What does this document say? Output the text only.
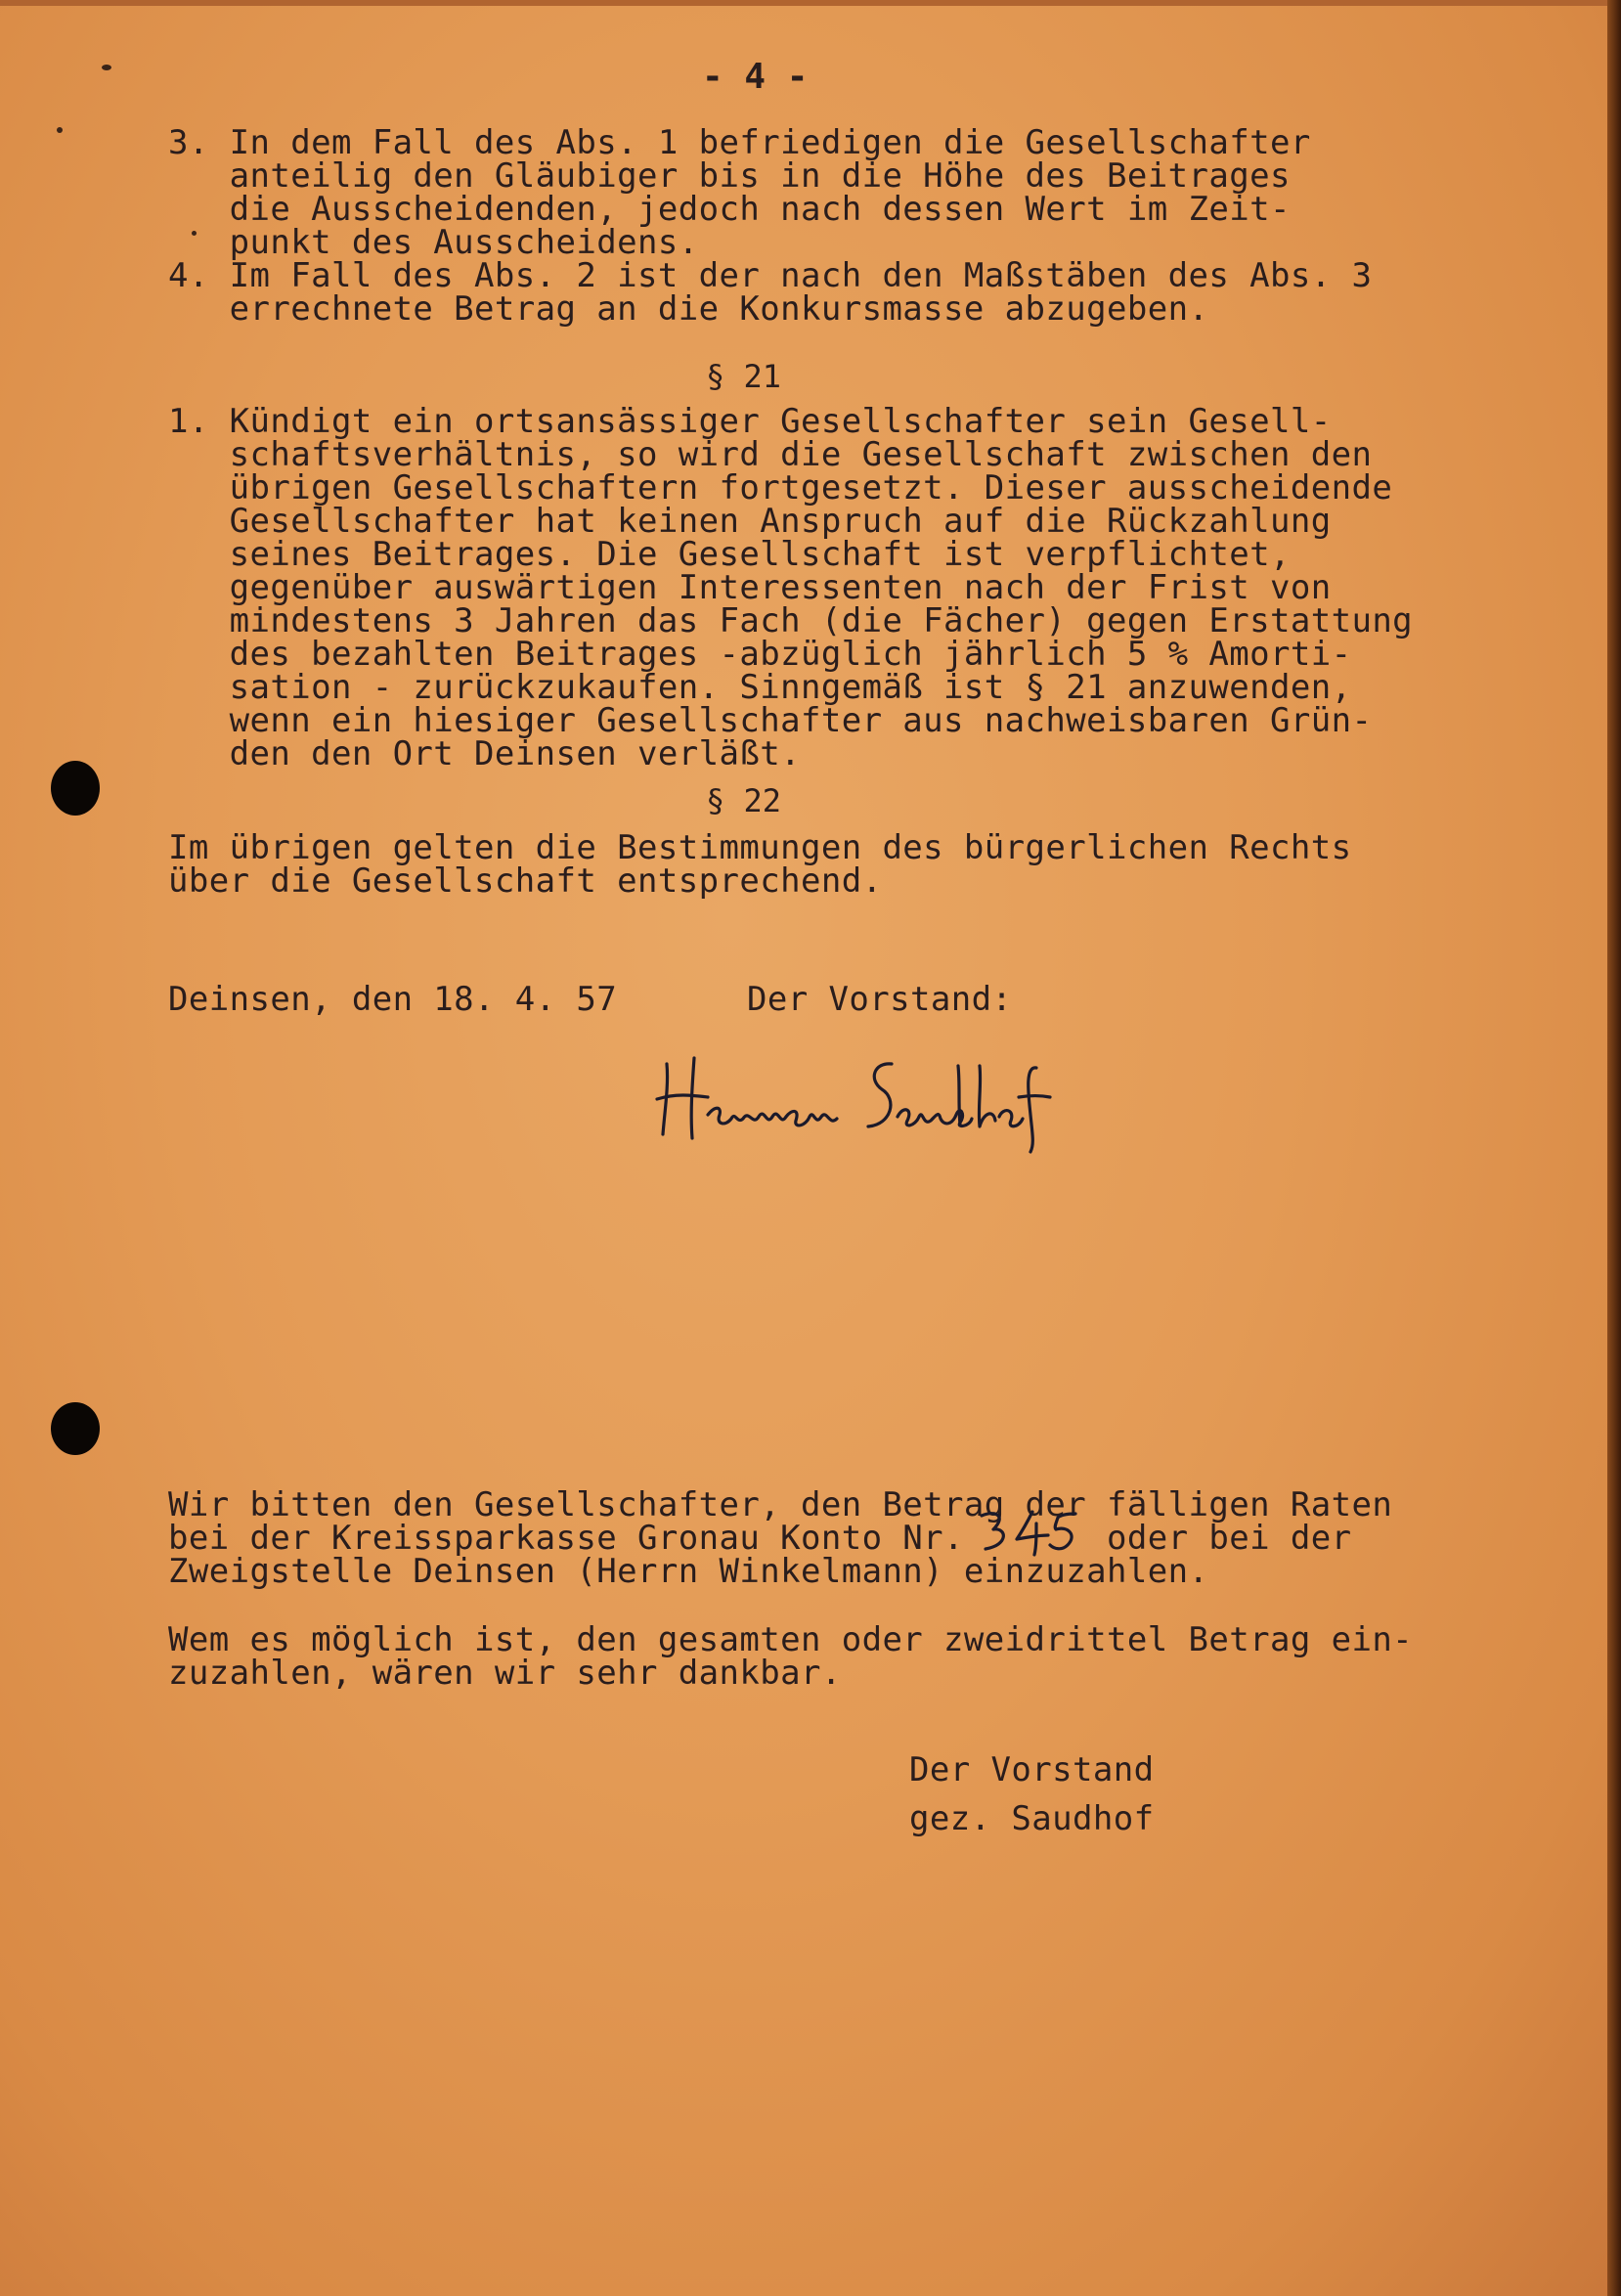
- 4 -
3. In dem Fall des Abs. 1 befriedigen die Gesellschafter
anteilig den Gläubiger bis in die Höhe des Beitrages
die Ausscheidenden, jedoch nach dessen Wert im Zeit-
punkt des Ausscheidens.
4. Im Fall des Abs. 2 ist der nach den Maßstäben des Abs. 3
errechnete Betrag an die Konkursmasse abzugeben.
§ 21
1. Kündigt ein ortsansässiger Gesellschafter sein Gesell-
schaftsverhältnis, so wird die Gesellschaft zwischen den
übrigen Gesellschaftern fortgesetzt. Dieser ausscheidende
Gesellschafter hat keinen Anspruch auf die Rückzahlung
seines Beitrages. Die Gesellschaft ist verpflichtet,
gegenüber auswärtigen Interessenten nach der Frist von
mindestens 3 Jahren das Fach (die Fächer) gegen Erstattung
des bezahlten Beitrages -abzüglich jährlich 5 % Amorti-
sation - zurückzukaufen. Sinngemäß ist § 21 anzuwenden,
wenn ein hiesiger Gesellschafter aus nachweisbaren Grün-
den den Ort Deinsen verläßt.
§ 22
Im übrigen gelten die Bestimmungen des bürgerlichen Rechts
über die Gesellschaft entsprechend.
Deinsen, den 18. 4. 57	Der Vorstand:
Wir bitten den Gesellschafter, den Betrag der fälligen Raten
bei der Kreissparkasse Gronau Konto Nr.       oder bei der
Zweigstelle Deinsen (Herrn Winkelmann) einzuzahlen.
Wem es möglich ist, den gesamten oder zweidrittel Betrag ein-
zuzahlen, wären wir sehr dankbar.
Der Vorstand
gez. Saudhof
